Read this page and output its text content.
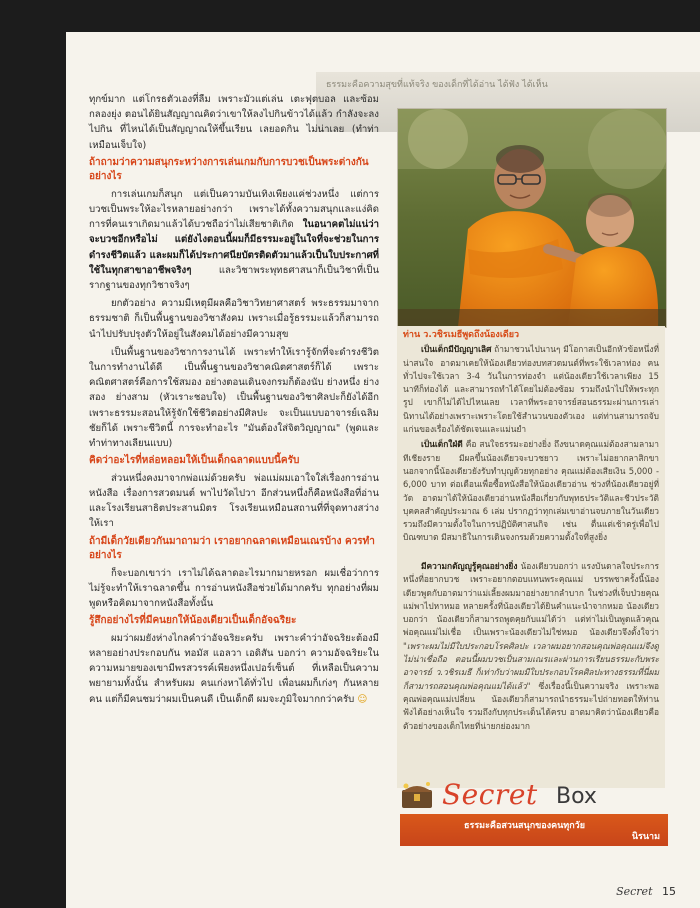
ธรรมะคือความสุขที่แท้จริง ของเด็กที่ได้อ่าน ได้ฟัง ได้เห็น

ทุกข์มาก แต่โกรธตัวเองที่ลืม เพราะมัวแต่เล่น เตะฟุตบอล และซ้อมกลองยุ่ง ตอนได้ยินสัญญาณคิดว่าเขาให้ลงไปกินข้าวได้แล้ว กำลังจะลงไปกิน ที่ไหนได้เป็นสัญญาณให้ขึ้นเรียน เลยอดกิน ไม่น่าเลย (ทำท่าเหมือนเจ็บใจ)

ถ้าถามว่าความสนุกระหว่างการเล่นเกมกับการบวชเป็นพระต่างกันอย่างไร

การเล่นเกมก็สนุก แต่เป็นความบันเทิงเพียงแค่ช่วงหนึ่ง แต่การบวชเป็นพระให้อะไรหลายอย่างกว่า เพราะได้ทั้งความสนุกและแง่คิด การที่คนเราเกิดมาแล้วได้บวชถือว่าไม่เสียชาติเกิด ในอนาคตไม่แน่ว่าจะบวชอีกหรือไม่ แต่ยังไงตอนนี้ผมก็มีธรรมะอยู่ในใจที่จะช่วยในการดำรงชีวิตแล้ว และผมก็ได้ประกาศนียบัตรติดตัวมาแล้วเป็นใบประกาศที่ใช้ในทุกสาขาอาชีพจริงๆ	และวิชาพระพุทธศาสนาก็เป็นวิชาที่เป็นรากฐานของทุกวิชาจริงๆ

ยกตัวอย่าง ความมีเหตุมีผลคือวิชาวิทยาศาสตร์ พระธรรมมาจากธรรมชาติ ก็เป็นพื้นฐานของวิชาสังคม เพราะเมื่อรู้ธรรมะแล้วก็สามารถนำไปปรับปรุงตัวให้อยู่ในสังคมได้อย่างมีความสุข

เป็นพื้นฐานของวิชาการงานได้ เพราะทำให้เรารู้จักที่จะดำรงชีวิตในการทำงานได้ดี เป็นพื้นฐานของวิชาคณิตศาสตร์ก็ได้ เพราะคณิตศาสตร์คือการใช้สมอง อย่างตอนเดินจงกรมก็ต้องนับ ย่างหนึ่ง ย่างสอง ย่างสาม (หัวเราะชอบใจ) เป็นพื้นฐานของวิชาศิลปะก็ยังได้อีกเพราะธรรมะสอนให้รู้จักใช้ชีวิตอย่างมีศิลปะ จะเป็นแบบอาจารย์เฉลิมชัยก็ได้ เพราะชีวิตนี้ การจะทำอะไร "มันต้องใส่จิตวิญญาณ" (พูดและทำท่าทางเลียนแบบ)

คิดว่าอะไรที่หล่อหลอมให้เป็นเด็กฉลาดแบบนี้ครับ

ส่วนหนึ่งคงมาจากพ่อแม่ด้วยครับ พ่อแม่ผมเอาใจใส่เรื่องการอ่านหนังสือ เรื่องการสวดมนต์ พาไปวัดไปวา อีกส่วนหนึ่งก็คือหนังสือที่อ่านและโรงเรียนสาธิตประสานมิตร โรงเรียนเหมือนสถานที่ที่จุดทางสว่างให้เรา

ถ้ามีเด็กวัยเดียวกันมาถามว่า เราอยากฉลาดเหมือนเณรบ้าง ควรทำอย่างไร

ก็จะบอกเขาว่า เราไม่ได้ฉลาดอะไรมากมายหรอก ผมเชื่อว่าการไม่รู้จะทำให้เราฉลาดขึ้น การอ่านหนังสือช่วยได้มากครับ ทุกอย่างที่ผมพูดหรือคิดมาจากหนังสือทั้งนั้น

รู้สึกอย่างไรที่มีคนยกให้น้องเดียวเป็นเด็กอัจฉริยะ

ผมว่าผมยังห่างไกลคำว่าอัจฉริยะครับ เพราะคำว่าอัจฉริยะต้องมีหลายอย่างประกอบกัน ทอมัส แอลวา เอดิสัน บอกว่า ความอัจฉริยะในความหมายของเขามีพรสวรรค์เพียงหนึ่งเปอร์เซ็นต์ ที่เหลือเป็นความพยายามทั้งนั้น สำหรับผม คนเก่งหาได้ทั่วไป เพื่อนผมก็เก่งๆ กันหลายคน แต่ก็มีคนชมว่าผมเป็นคนดี เป็นเด็กดี ผมจะภูมิใจมากกว่าครับ ☺

ท่าน ว.วชิรเมธีพูดถึงน้องเดียว

เป็นเด็กมีปัญญาเลิศ ถ้ามาชวนไปนานๆ มีโอกาสเป็นอีกหัวข้อหนึ่งที่น่าสนใจ อาตมาเคยให้น้องเดียวท่องบทสวดมนต์ที่พระใช้เวลาท่อง คนทั่วไปจะใช้เวลา 3-4 วันในการท่องจำ แต่น้องเดียวใช้เวลาเพียง 15 นาทีก็ท่องได้ และสามารถทำได้โดยไม่ต้องซ้อม รวมถึงนำไปให้พระทุกรูป เขาก็ไม่ได้ไปไหนเลย เวลาที่พระอาจารย์สอนธรรมะผ่านการเล่านิทานได้อย่างเพราะเพราะโดยใช้สำนวนของตัวเอง แต่ท่านสามารถจับแก่นของเรื่องได้ชัดเจนและแม่นยำ

เป็นเด็กใฝ่ดี คือ สนใจธรรมะอย่างยิ่ง ถึงขนาดคุณแม่ต้องสามลามาทีเชียงราย มีผลขึ้นน้องเดียวจะบวชยาว เพราะไม่อยากลาสิกขา นอกจากนี้น้องเดียวยังรับทำบุญด้วยทุกอย่าง คุณแม่ต้องเสียเงิน 5,000 - 6,000 บาท ต่อเดือนเพื่อซื้อหนังสือให้น้องเดียวอ่าน ช่วงที่น้องเดียวอยู่ที่วัด อาตมาได้ให้น้องเดียวอ่านหนังสือเกี่ยวกับพุทธประวัติและชีวประวัติบุคคลสำคัญประมาณ 6 เล่ม ปรากฏว่าทุกเล่มเขาอ่านจบภายในวันเดียว รวมถึงมีความตั้งใจในการปฏิบัติศาสนกิจ เช่น ตื่นแต่เช้าตรู่เพื่อไปบิณฑบาต มีสมาธิในการเดินจงกรมด้วยความตั้งใจที่สูงยิ่ง

มีความกตัญญูรู้คุณอย่างยิ่ง น้องเดียวบอกว่า แรงบันดาลใจประการหนึ่งที่อยากบวช เพราะอยากตอบแทนพระคุณแม่ บรรพชาครั้งนี้น้องเดียวพูดกับอาตมาว่าแม่เลี้ยงผมมาอย่างยากลำบาก ในช่วงที่เจ็บป่วยคุณแม่พาไปหาหมอ หลายครั้งที่น้องเดียวได้ยินคำแนะนำจากหมอ น้องเดียวบอกว่า น้องเดียวก็สามารถพูดคุยกับแม่ได้ว่า แต่ท่าไม่เป็นพูดแล้วคุณพ่อคุณแม่ไม่เชื่อ เป็นเพราะน้องเดียวไม่ใช่หมอ น้องเดียวจึงตั้งใจว่า "เพราะผมไม่มีใบประกอบโรคศิลปะ เวลาผมอยากสอนคุณพ่อคุณแม่จึงดูไม่น่าเชื่อถือ ตอนนี้ผมบวชเป็นสามเณรและผ่านการเรียนธรรมะกับพระอาจารย์ ว.วชิรเมธี ก็เท่ากับว่าผมมีใบประกอบโรคศิลปะทางธรรมที่นี่ผมก็สามารถสอนคุณพ่อคุณแม่ได้แล้ว" ซึ่งเรื่องนี้เป็นความจริง เพราะพอคุณพ่อคุณแม่เปลี่ยน น้องเดียวก็สามารถนำธรรมะไปถ่ายทอดให้ท่านฟังได้อย่างเห็นใจ รวมถึงกับทุกประเด็นได้ครบ อาตมาคิดว่าน้องเดียวคือตัวอย่างของเด็กไทยที่น่ายกย่องมาก

Secret Box
ธรรมะคือสวนสนุกของคนทุกวัย
นิรนาม
Secret 15
